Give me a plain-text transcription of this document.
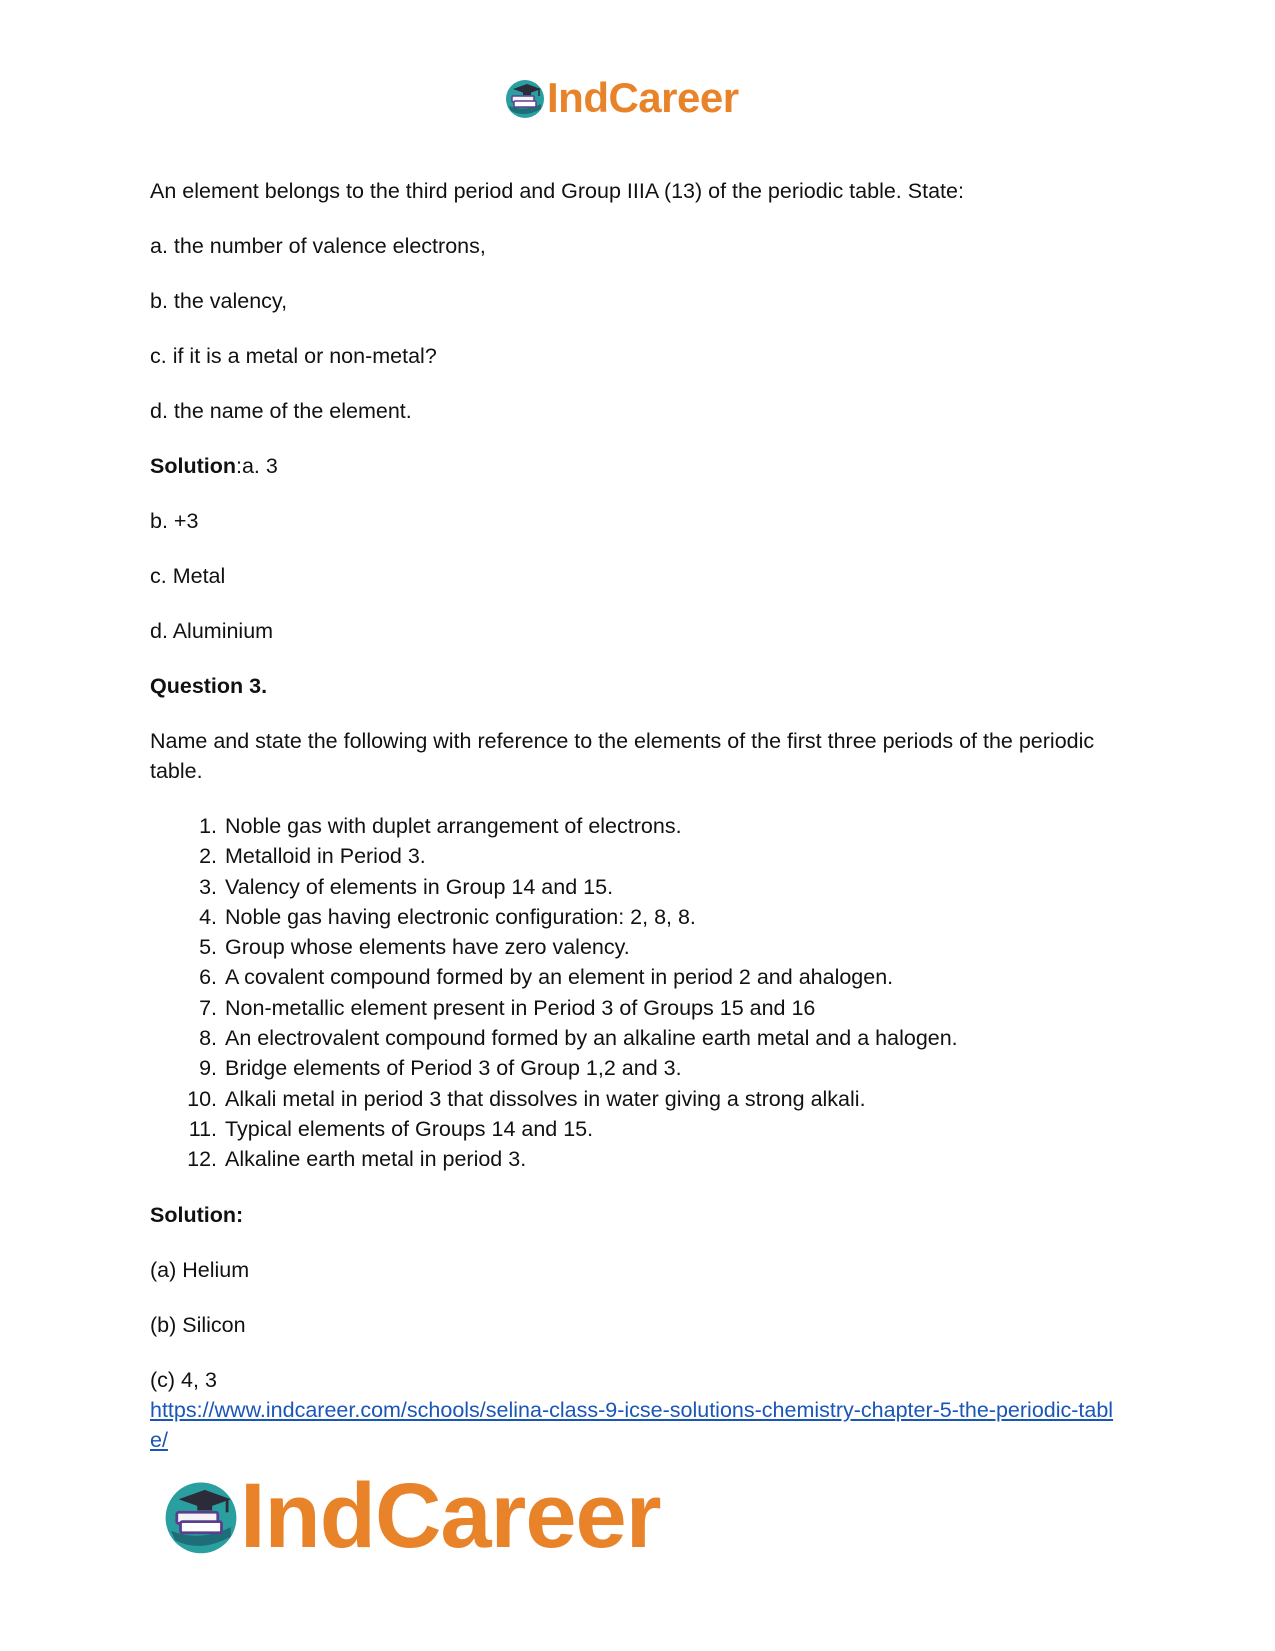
IndCareer

An element belongs to the third period and Group IIIA (13) of the periodic table. State:

a. the number of valence electrons,

b. the valency,

c. if it is a metal or non-metal?

d. the name of the element.

Solution:a. 3

b. +3

c. Metal

d. Aluminium

Question 3.

Name and state the following with reference to the elements of the first three periods of the periodic table.

1. Noble gas with duplet arrangement of electrons.
2. Metalloid in Period 3.
3. Valency of elements in Group 14 and 15.
4. Noble gas having electronic configuration: 2, 8, 8.
5. Group whose elements have zero valency.
6. A covalent compound formed by an element in period 2 and ahalogen.
7. Non-metallic element present in Period 3 of Groups 15 and 16
8. An electrovalent compound formed by an alkaline earth metal and a halogen.
9. Bridge elements of Period 3 of Group 1,2 and 3.
10. Alkali metal in period 3 that dissolves in water giving a strong alkali.
11. Typical elements of Groups 14 and 15.
12. Alkaline earth metal in period 3.

Solution:

(a) Helium

(b) Silicon

(c) 4, 3

https://www.indcareer.com/schools/selina-class-9-icse-solutions-chemistry-chapter-5-the-periodic-table/

IndCareer
